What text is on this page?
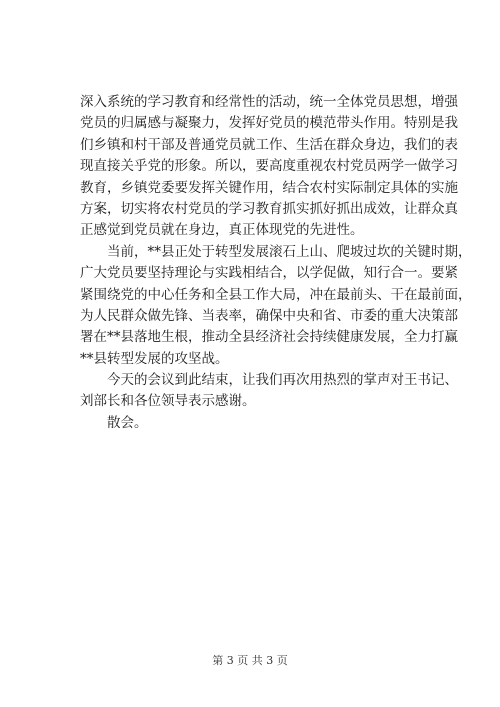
深入系统的学习教育和经常性的活动，统一全体党员思想，增强
党员的归属感与凝聚力，发挥好党员的模范带头作用。特别是我
们乡镇和村干部及普通党员就工作、生活在群众身边，我们的表
现直接关乎党的形象。所以，要高度重视农村党员两学一做学习
教育，乡镇党委要发挥关键作用，结合农村实际制定具体的实施
方案，切实将农村党员的学习教育抓实抓好抓出成效，让群众真
正感觉到党员就在身边，真正体现党的先进性。
当前，**县正处于转型发展滚石上山、爬坡过坎的关键时期，
广大党员要坚持理论与实践相结合，以学促做，知行合一。要紧
紧围绕党的中心任务和全县工作大局，冲在最前头、干在最前面，
为人民群众做先锋、当表率，确保中央和省、市委的重大决策部
署在**县落地生根，推动全县经济社会持续健康发展，全力打赢
**县转型发展的攻坚战。
今天的会议到此结束，让我们再次用热烈的掌声对王书记、
刘部长和各位领导表示感谢。
散会。
第 3 页 共 3 页
